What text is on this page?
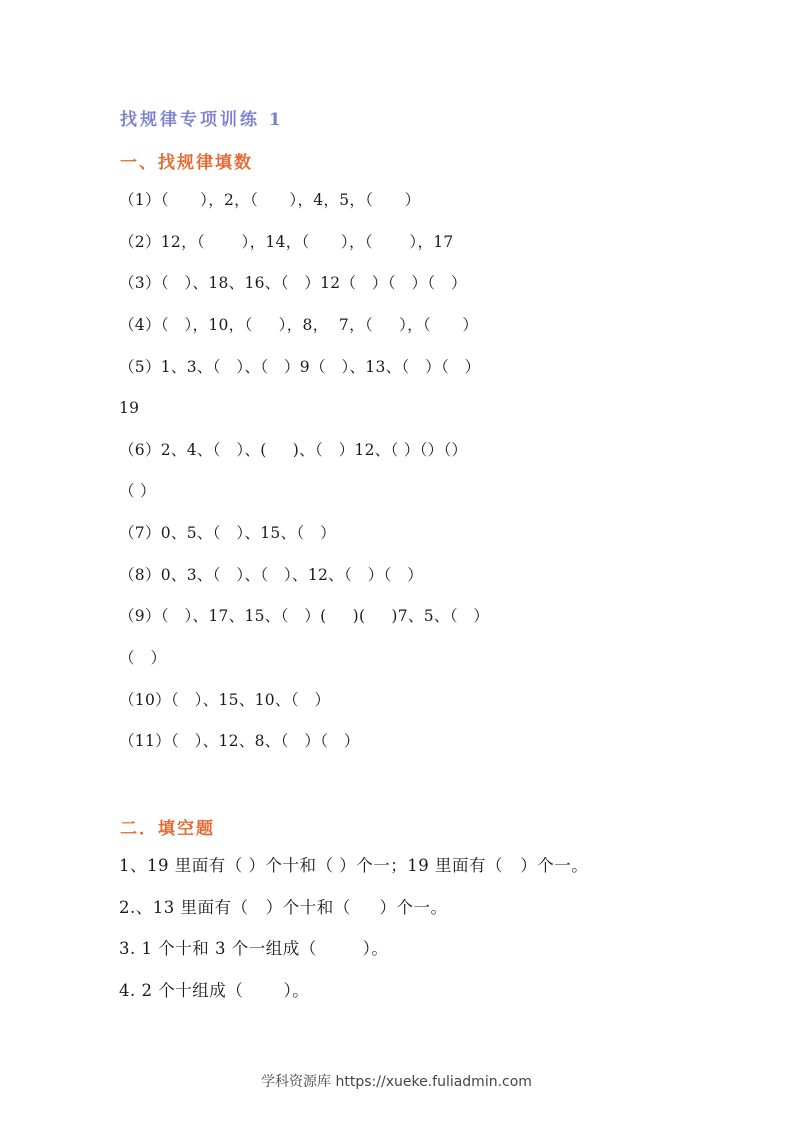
找规律专项训练 1
一、找规律填数
（1）（      ），2，（      ），4，5，（      ）
（2）12，（       ），14，（      ），（       ），17
（3）（   ）、18、16、（   ）12（   ）（   ）（   ）
（4）（   ），10，（     ），8，  7，（     ），（      ）
（5）1、3、（   ）、（   ）9（   ）、13、（   ）（   ）
19
（6）2、4、（   ）、(     )、（   ）12、（ ）（）（）
（ ）
（7）0、5、（   ）、15、（   ）
（8）0、3、（   ）、（   ）、12、（   ）（   ）
（9）（   ）、17、15、（   ）(     )(     )7、5、（   ）
（   ）
（10）（   ）、15、10、（   ）
（11）（   ）、12、8、（   ）（   ）
二．填空题
1、19 里面有（ ）个十和（ ）个一；19 里面有（   ）个一。
2.、13 里面有（   ）个十和（     ）个一。
3. 1 个十和 3 个一组成（        ）。
4. 2 个十组成（       ）。
学科资源库 https://xueke.fuliadmin.com
